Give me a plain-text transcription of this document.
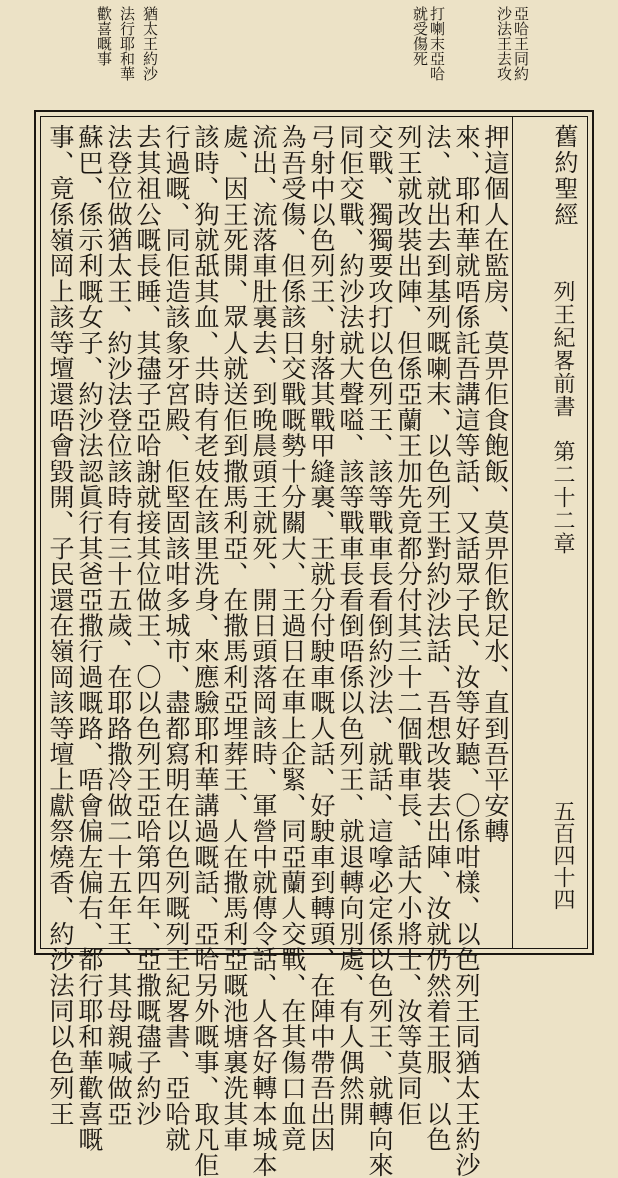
亞哈王同約
沙法王去攻
打喇末亞哈
就受傷死
猶太王約沙
法行耶和華
歡喜嘅事
舊約聖經
列王紀畧前書
第二十二章
五百四十四
押這個人在監房、莫畀佢食飽飯、莫畀佢飲足水、直到吾平安轉
來、耶和華就唔係託吾講這等話、又話眾子民、汝等好聽、〇係咁樣、以色列王同猶太王約沙
法、就出去到基列嘅喇末、以色列王對約沙法話、吾想改裝去出陣、汝就仍然着王服、以色
列王就改裝出陣、但係亞蘭王加先竟都分付其三十二個戰車長、話大小將士、汝等莫同佢
交戰、獨獨要攻打以色列王、該等戰車長看倒約沙法、就話、這嗱必定係以色列王、就轉向來
同佢交戰、約沙法就大聲嗌、該等戰車長看倒唔係以色列王、就退轉向別處、有人偶然開
弓射中以色列王、射落其戰甲縫裏、王就分付駛車嘅人話、好駛車到轉頭、在陣中帶吾出因
為吾受傷、但係該日交戰嘅勢十分關大、王過日在車上企緊、同亞蘭人交戰、在其傷口血竟
流出、流落車肚裏去、到晚晨頭王就死、開日頭落岡該時、軍營中就傳令話、人各好轉本城本
處、因王死開、眾人就送佢到撒馬利亞、在撒馬利亞埋葬王、人在撒馬利亞嘅池塘裏洗其車
該時、狗就舐其血、共時有老妓在該里洗身、來應驗耶和華講過嘅話、亞哈另外嘅事、取凡佢
行過嘅、同佢造該象牙宮殿、佢堅固該咁多城市、盡都寫明在以色列嘅列王紀畧書、亞哈就
去其祖公嘅長睡、其孻子亞哈謝就接其位做王、〇以色列王亞哈第四年、亞撒嘅孻子約沙
法登位做猶太王、約沙法登位該時有三十五歲、在耶路撒冷做二十五年王、其母親喊做亞
蘇巴、係示利嘅女子、約沙法認眞行其爸亞撒行過嘅路、唔會偏左偏右、都行耶和華歡喜嘅
事、竟係嶺岡上該等壇還唔會毀開、子民還在嶺岡該等壇上獻祭燒香、約沙法同以色列王
